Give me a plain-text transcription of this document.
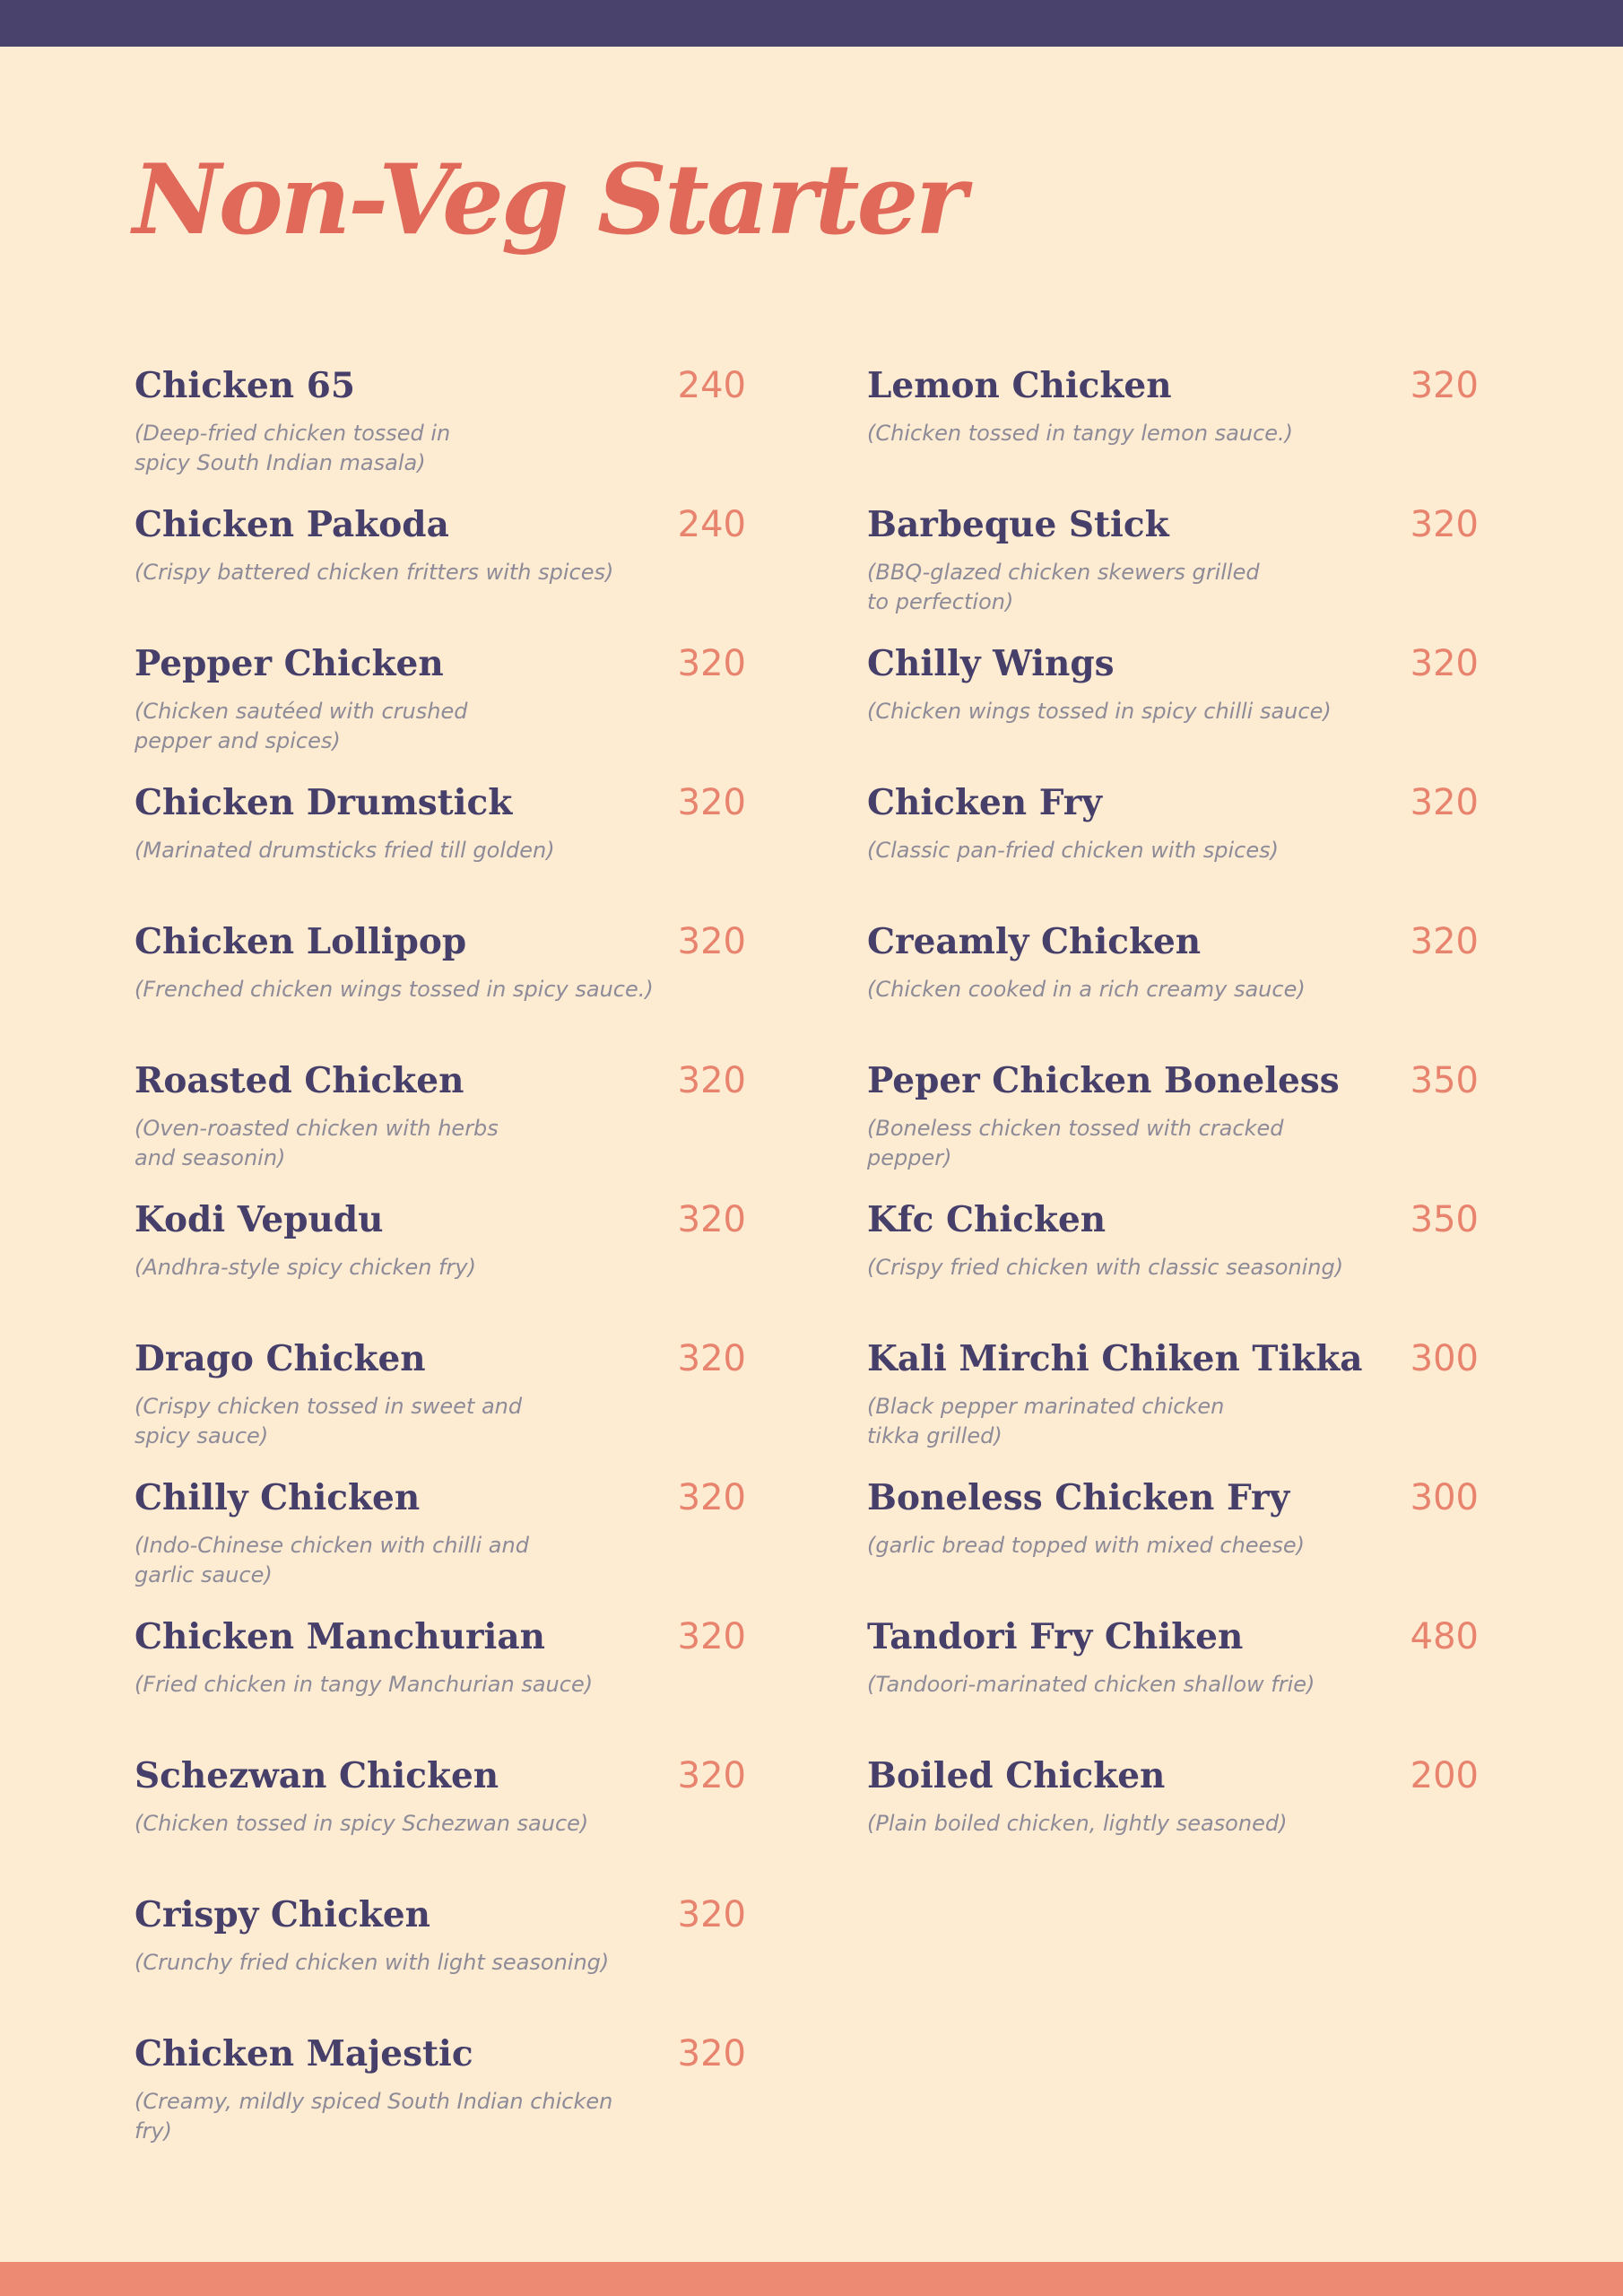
Non-Veg Starter
Chicken 65	240
(Deep-fried chicken tossed in
spicy South Indian masala)
Chicken Pakoda	240
(Crispy battered chicken fritters with spices)
Pepper Chicken	320
(Chicken sautéed with crushed
pepper and spices)
Chicken Drumstick	320
(Marinated drumsticks fried till golden)
Chicken Lollipop	320
(Frenched chicken wings tossed in spicy sauce.)
Roasted Chicken	320
(Oven-roasted chicken with herbs
and seasonin)
Kodi Vepudu	320
(Andhra-style spicy chicken fry)
Drago Chicken	320
(Crispy chicken tossed in sweet and
spicy sauce)
Chilly Chicken	320
(Indo-Chinese chicken with chilli and
garlic sauce)
Chicken Manchurian	320
(Fried chicken in tangy Manchurian sauce)
Schezwan Chicken	320
(Chicken tossed in spicy Schezwan sauce)
Crispy Chicken	320
(Crunchy fried chicken with light seasoning)
Chicken Majestic	320
(Creamy, mildly spiced South Indian chicken fry)
Lemon Chicken	320
(Chicken tossed in tangy lemon sauce.)
Barbeque Stick	320
(BBQ-glazed chicken skewers grilled
to perfection)
Chilly Wings	320
(Chicken wings tossed in spicy chilli sauce)
Chicken Fry	320
(Classic pan-fried chicken with spices)
Creamly Chicken	320
(Chicken cooked in a rich creamy sauce)
Peper Chicken Boneless 350
(Boneless chicken tossed with cracked
pepper)
Kfc Chicken	350
(Crispy fried chicken with classic seasoning)
Kali Mirchi Chiken Tikka 300
(Black pepper marinated chicken
tikka grilled)
Boneless Chicken Fry	300
(garlic bread topped with mixed cheese)
Tandori Fry Chiken	480
(Tandoori-marinated chicken shallow frie)
Boiled Chicken	200
(Plain boiled chicken, lightly seasoned)
